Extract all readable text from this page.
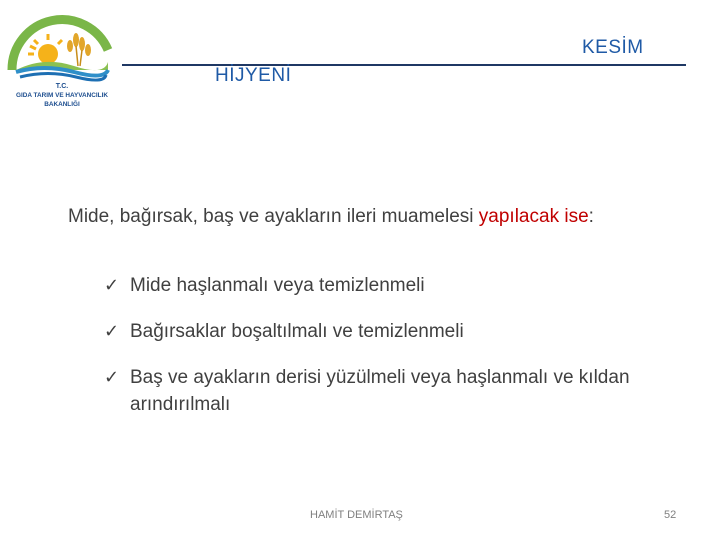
T.C.
GIDA TARIM VE HAYVANCILIK
BAKANLIĞI
KESİM
HİJYENİ
Mide, bağırsak, baş ve ayakların ileri muamelesi yapılacak ise:
✓ Mide haşlanmalı veya temizlenmeli
✓ Bağırsaklar boşaltılmalı ve temizlenmeli
✓ Baş ve ayakların derisi yüzülmeli veya haşlanmalı ve kıldan arındırılmalı
HAMİT DEMİRTAŞ	52
